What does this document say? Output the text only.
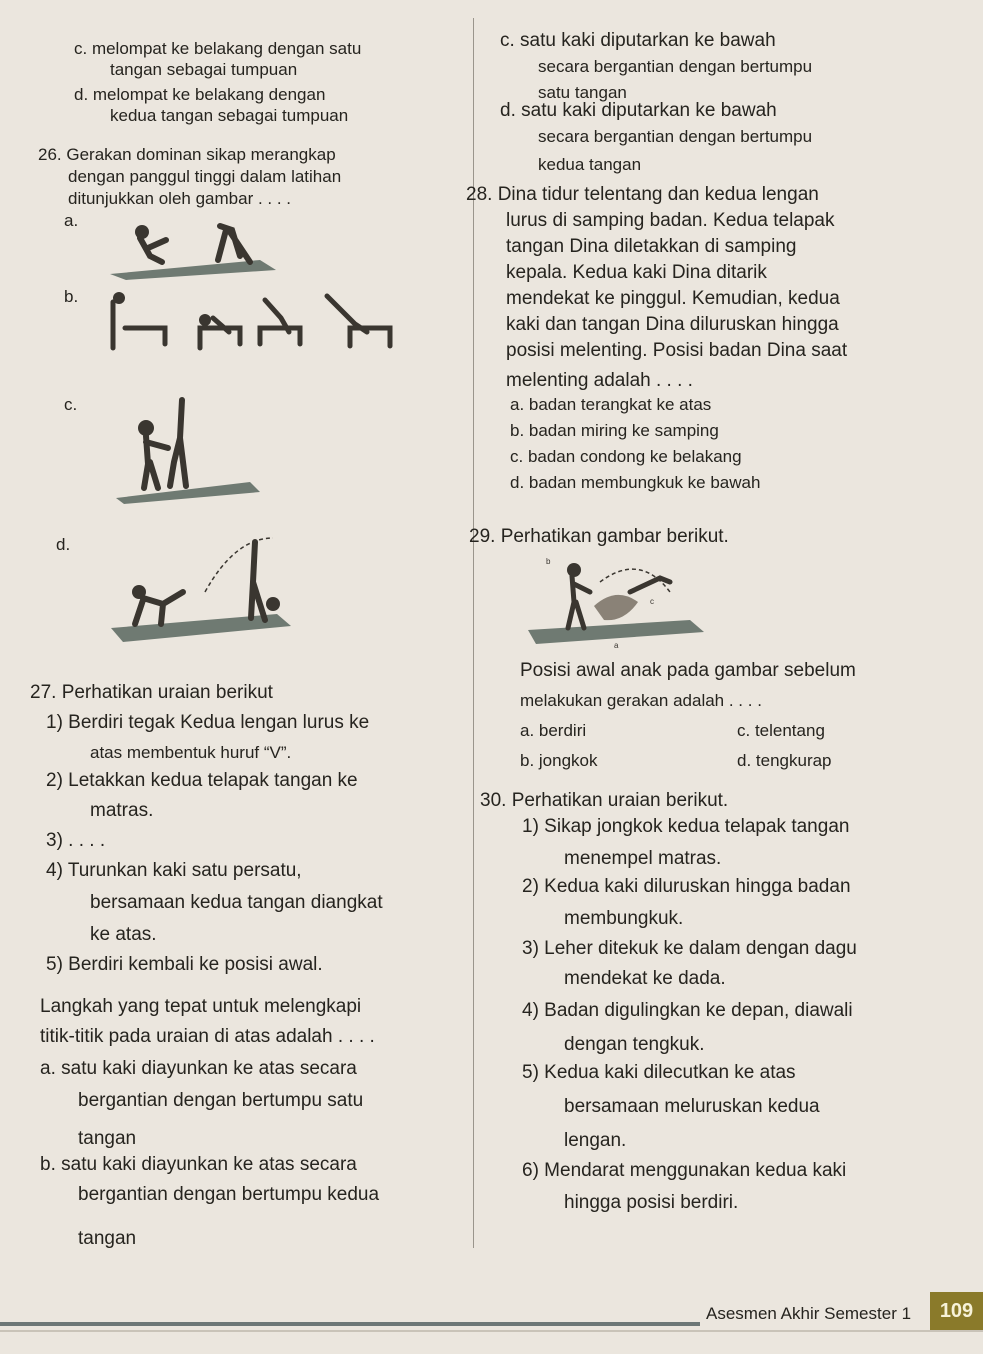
c. melompat ke belakang dengan satu
tangan sebagai tumpuan
d. melompat ke belakang dengan
kedua tangan sebagai tumpuan
26. Gerakan dominan sikap merangkap
dengan panggul tinggi dalam latihan
ditunjukkan oleh gambar . . . .
a.
b.
c.
d.
c. satu kaki diputarkan ke bawah
secara bergantian dengan bertumpu
satu tangan
d. satu kaki diputarkan ke bawah
secara bergantian dengan bertumpu
kedua tangan
28. Dina tidur telentang dan kedua lengan
lurus di samping badan. Kedua telapak
tangan Dina diletakkan di samping
kepala. Kedua kaki Dina ditarik
mendekat ke pinggul. Kemudian, kedua
kaki dan tangan Dina diluruskan hingga
posisi melenting. Posisi badan Dina saat
melenting adalah . . . .
a. badan terangkat ke atas
b. badan miring ke samping
c. badan condong ke belakang
d. badan membungkuk ke bawah
29. Perhatikan gambar berikut.
b
c
a
Posisi awal anak pada gambar sebelum
melakukan gerakan adalah . . . .
a. berdiri
b. jongkok
c. telentang
d. tengkurap
27. Perhatikan uraian berikut
1) Berdiri tegak Kedua lengan lurus ke
atas membentuk huruf “V”.
2) Letakkan kedua telapak tangan ke
matras.
3) . . . .
4) Turunkan kaki satu persatu,
bersamaan kedua tangan diangkat
ke atas.
5) Berdiri kembali ke posisi awal.
Langkah yang tepat untuk melengkapi
titik-titik pada uraian di atas adalah . . . .
a. satu kaki diayunkan ke atas secara
bergantian dengan bertumpu satu
tangan
b. satu kaki diayunkan ke atas secara
bergantian dengan bertumpu kedua
tangan
30. Perhatikan uraian berikut.
1) Sikap jongkok kedua telapak tangan
menempel matras.
2) Kedua kaki diluruskan hingga badan
membungkuk.
3) Leher ditekuk ke dalam dengan dagu
mendekat ke dada.
4) Badan digulingkan ke depan, diawali
dengan tengkuk.
5) Kedua kaki dilecutkan ke atas
bersamaan meluruskan kedua
lengan.
6) Mendarat menggunakan kedua kaki
hingga posisi berdiri.
Asesmen Akhir Semester 1	109
